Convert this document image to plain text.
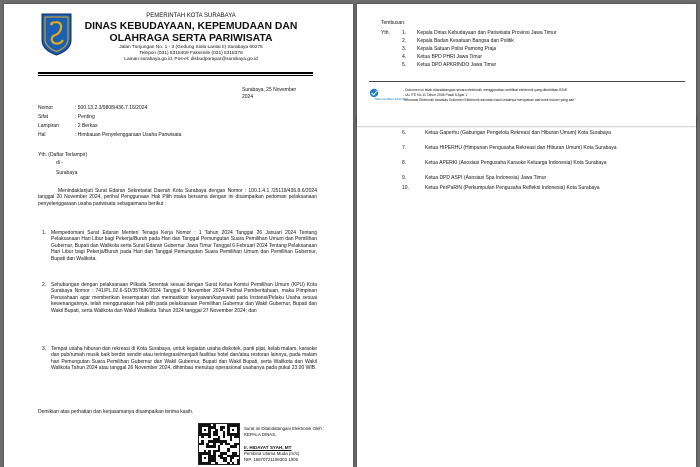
PEMERINTAH KOTA SURABAYA
DINAS KEBUDAYAAN, KEPEMUDAAN DAN
OLAHRAGA SERTA PARIWISATA
Jalan Tunjungan No. 1 - 3 (Gedung Siola Lantai II) Surabaya 60275
Telepon (031) 5318409 Faksimile (031) 5318376
Laman surabaya.go.id, Pos-el: disbudporapar@surabaya.go.id
Surabaya, 25 November 2024
Nomor	: 500.13.2.3/9808/436.7.16/2024
Sifat	: Penting
Lampiran	: 2 Berkas
Hal	: Himbauan Penyelenggaraan Usaha Pariwisata
Yth. (Daftar Terlampir)
di -
Surabaya
Menindaklanjuti Surat Edaran Sekretariat Daerah Kota Surabaya dengan Nomor : 100.1.4.1 /25119/436.8.6/2024 tanggal 20 November 2024, perihal Penggunaan Hak Pilih maka bersama dengan ini disampaikan pedoman pelaksanaan penyelenggaraan usaha pariwisata sebagaimana berikut :
1. Mempedomani Surat Edaran Menteri Tenaga Kerja Nomor : 1 Tahun 2024 Tanggal 26 Januari 2024 Tentang Pelaksanaan Hari Libur bagi Pekerja/Buruh pada Hari dan Tanggal Pemungutan Suara Pemilihan Umum dan Pemilihan Gubernur, Bupati dan Walikota serta Surat Edaran Gubernur Jawa Timur Tanggal 6 Februari 2024 Tentang Pelaksanaan Hari Libur bagi Pekerja/Buruh pada Hari dan Tanggal Pemungutan Suara Pemilihan Umum dan Pemilihan Gubernur, Bupati dan Walikota.
2. Sehubungan dengan pelaksanaan Pilkada Serentak sesuai dengan Surat Ketua Komisi Pemilihan Umum (KPU) Kota Surabaya Nomor : 741/PL.02.6-SD/3578/K/2024 Tanggal 9 November 2024 Perihal Pemberitahuan, maka Pimpinan Perusahaan agar memberikan kesempatan dan memastikan karyawan/karyawati pada Instansi/Pelaku Usaha sesuai kewenangannya, telah menggunakan hak pilih pada pelaksanaan Pemilihan Gubernur dan Wakil Gubernur, Bupati dan Wakil Bupati, serta Walikota dan Wakil Walikota Tahun 2024 tanggal 27 November 2024; dan
3. Tempat usaha hiburan dan rekreasi di Kota Surabaya, untuk kegiatan usaha diskotek, panti pijat, kelab malam, karaoke dan pub/rumah musik baik berdiri sendiri atau terintegrasi/menjadi fasilitas hotel dan/atau restoran lainnya, pada malam hari Pemungutan Suara Pemilihan Gubernur dan Wakil Gubernur, Bupati dan Wakil Bupati, serta Walikota dan Wakil Walikota Tahun 2024 atau tanggal 26 November 2024, dihimbau menutup operasional usahanya pada pukul 23.00 WIB.
Demikian atas perhatian dan kerjasamanya disampaikan terima kasih.
Surat ini Ditandatangani Elektronik Oleh :
KEPALA DINAS,
Ir. HIDAYAT SYAH, MT
Pembina Utama Muda (IV/c)
NIP. 19670721199303 1006
6.	Ketua Gaperhu (Gabungan Pengelola Rekreasi dan Hiburan Umum) Kota Surabaya
7.	Ketua HIPERHU (Himpunan Pengusaha Rekreasi dan Hiburan Umum) Kota Surabaya
8.	Ketua APERKI (Asosiasi Pengusaha Karaoke Keluarga Indonesia) Kota Surabaya
9.	Ketua DPD ASPI (Asosiasi Spa Indonesia) Jawa Timur
10.	Ketua PerPaRIN (Perkumpulan Pengusaha Refleksi Indonesia) Kota Surabaya
Tembusan:
Yth. 1. Kepala Dinas Kebudayaan dan Pariwisata Provinsi Jawa Timur
2. Kepala Badan Kesatuan Bangsa dan Politik
3. Kepala Satuan Polisi Pamong Praja
4. Ketua BPD PHRI Jawa Timur
5. Ketua DPD APKRINDO Jawa Timur
Balai Sertifikasi Elektronik
- Dokumen ini telah ditandatangani secara elektronik menggunakan sertifikat elektronik yang diterbitkan BSrE
- UU ITE No 11 Tahun 2008 Pasal 5 Ayat 1
"Informasi Elektronik dan/atau Dokumen Elektronik dan/atau hasil cetaknya merupakan alat bukti hukum yang sah"
